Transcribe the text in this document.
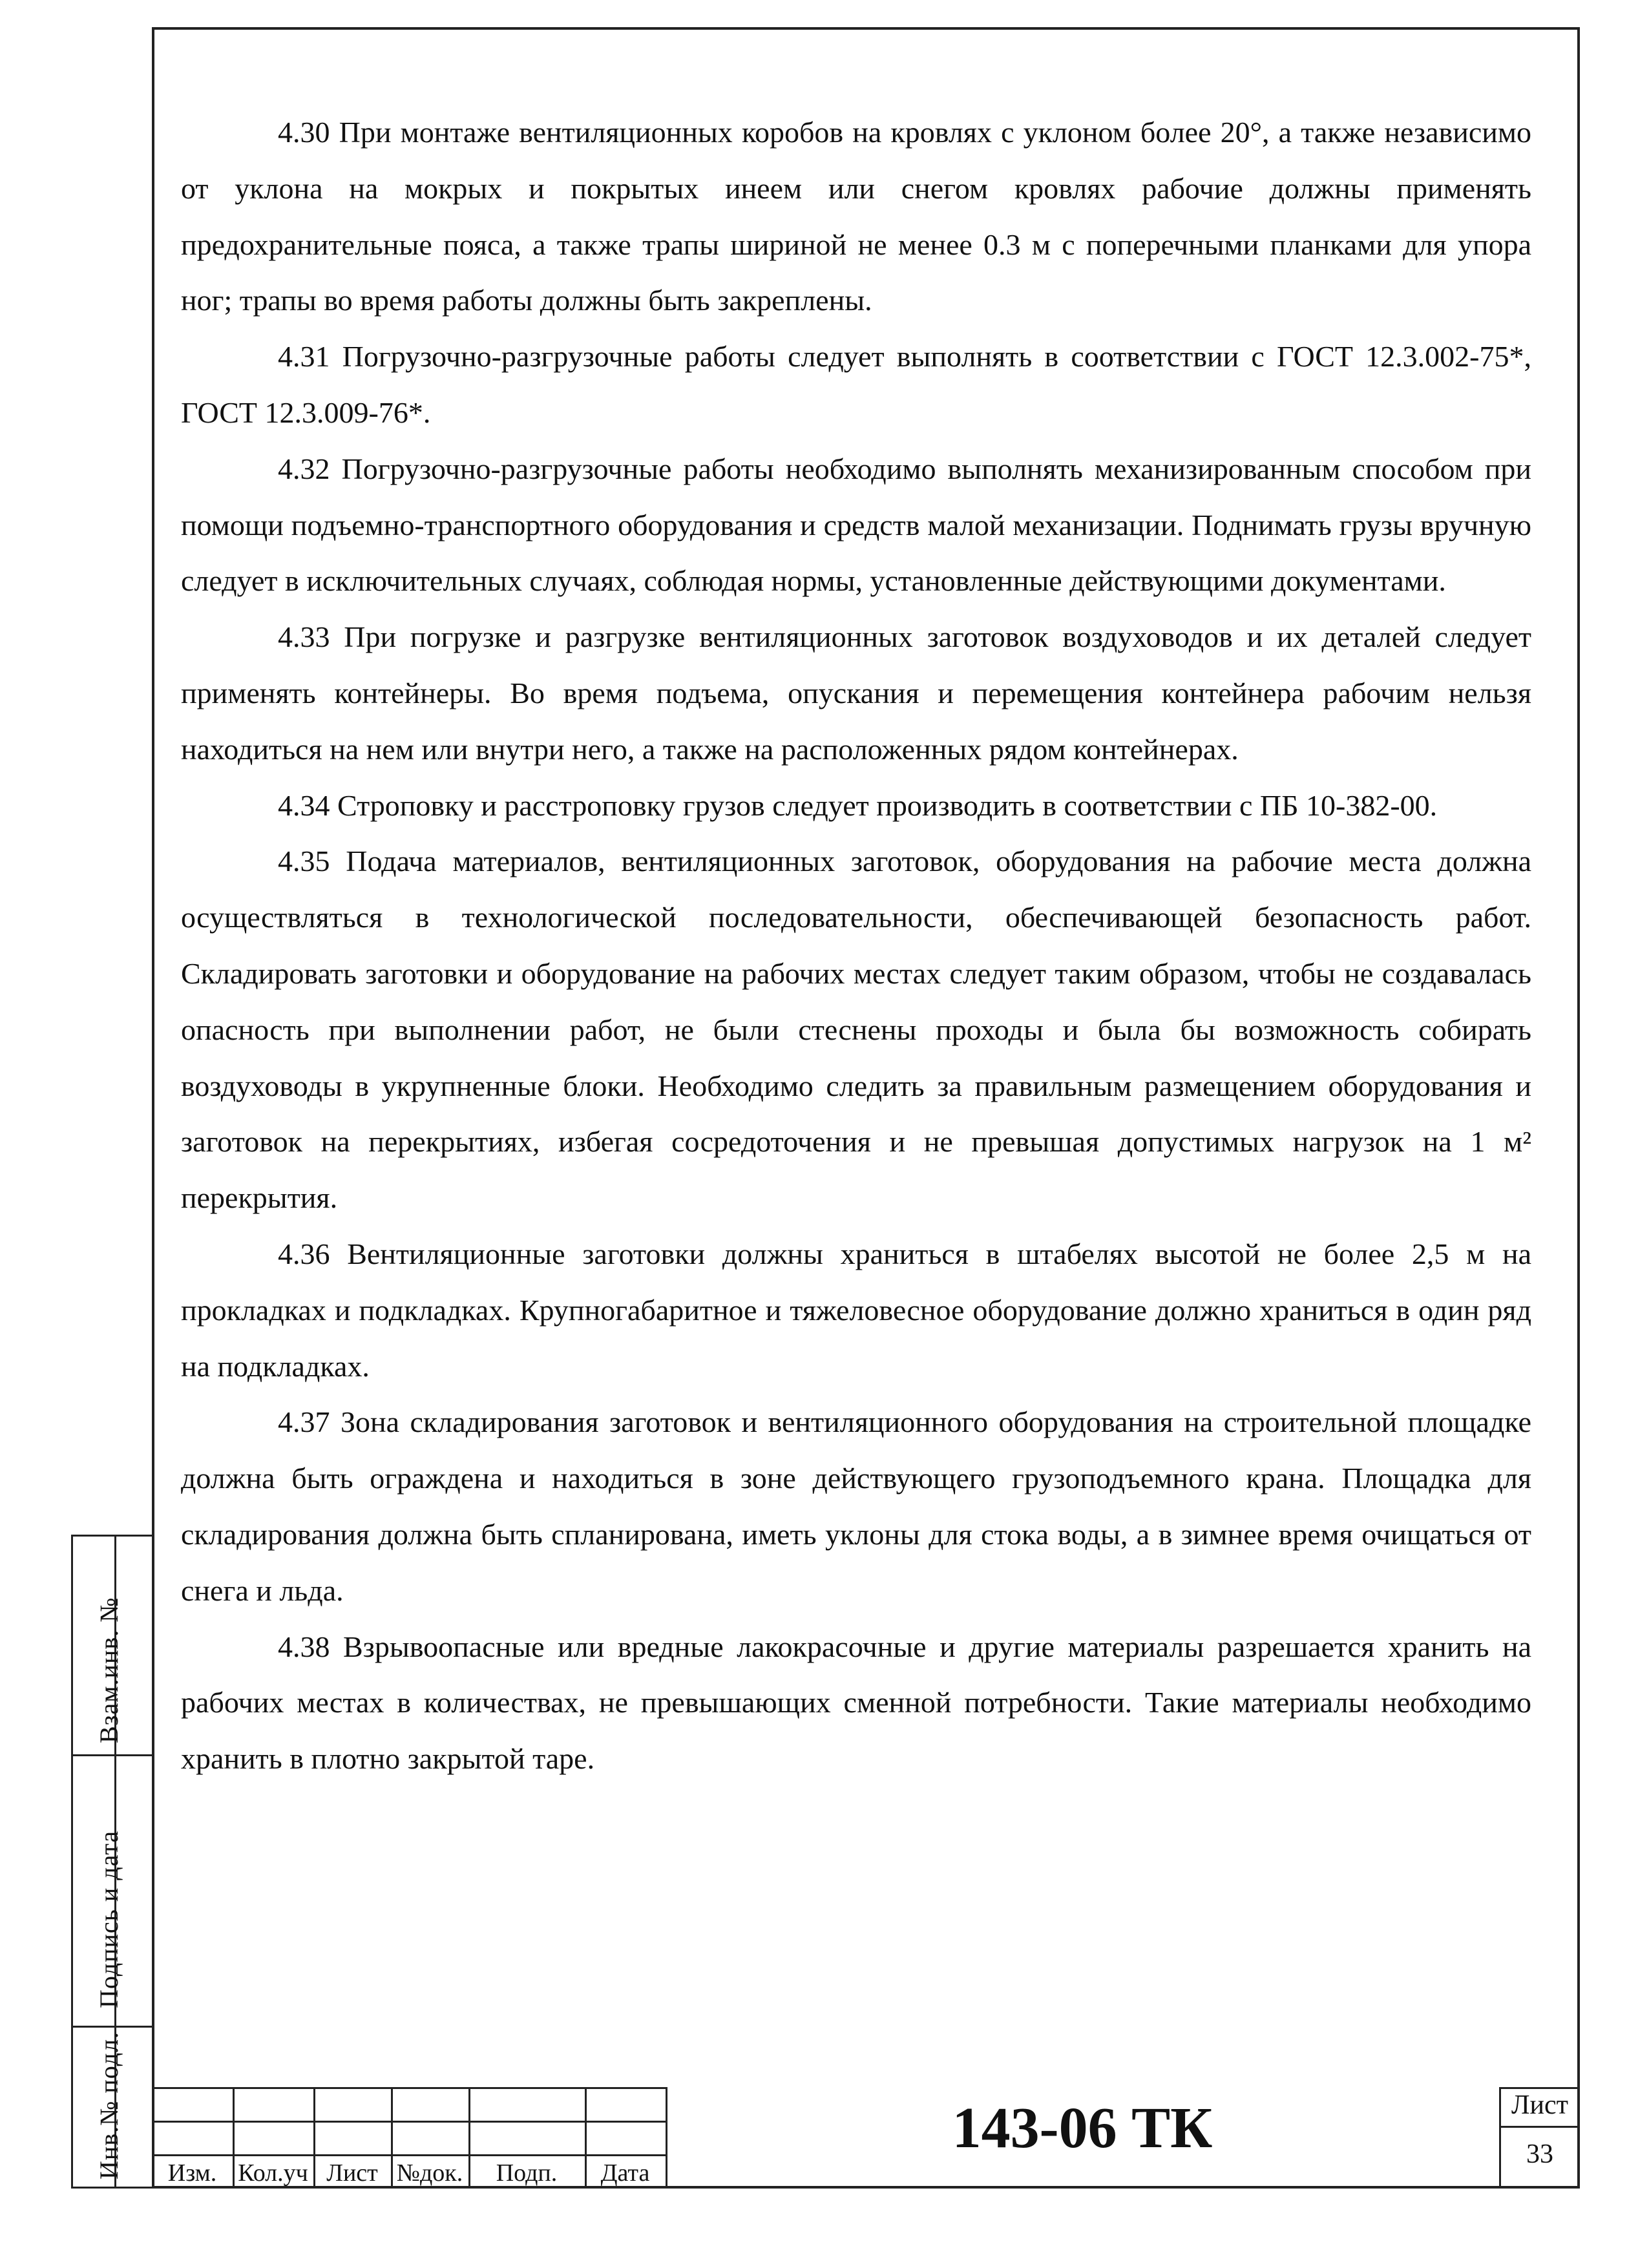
4.30 При монтаже вентиляционных коробов на кровлях с уклоном более 20°, а также независимо от уклона на мокрых и покрытых инеем или снегом кровлях рабочие должны применять предохранительные пояса, а также трапы шириной не менее 0.3 м с поперечными планками для упора ног; трапы во время работы должны быть закреплены.

4.31 Погрузочно-разгрузочные работы следует выполнять в соответствии с ГОСТ 12.3.002-75*, ГОСТ 12.3.009-76*.

4.32 Погрузочно-разгрузочные работы необходимо выполнять механизированным способом при помощи подъемно-транспортного оборудования и средств малой механизации. Поднимать грузы вручную следует в исключительных случаях, соблюдая нормы, установленные действующими документами.

4.33 При погрузке и разгрузке вентиляционных заготовок воздуховодов и их деталей следует применять контейнеры. Во время подъема, опускания и перемещения контейнера рабочим нельзя находиться на нем или внутри него, а также на расположенных рядом контейнерах.

4.34 Строповку и расстроповку грузов следует производить в соответствии с ПБ 10-382-00.

4.35 Подача материалов, вентиляционных заготовок, оборудования на рабочие места должна осуществляться в технологической последовательности, обеспечивающей безопасность работ. Складировать заготовки и оборудование на рабочих местах следует таким образом, чтобы не создавалась опасность при выполнении работ, не были стеснены проходы и была бы возможность собирать воздуховоды в укрупненные блоки. Необходимо следить за правильным размещением оборудования и заготовок на перекрытиях, избегая сосредоточения и не превышая допустимых нагрузок на 1 м² перекрытия.

4.36 Вентиляционные заготовки должны храниться в штабелях высотой не более 2,5 м на прокладках и подкладках. Крупногабаритное и тяжеловесное оборудование должно храниться в один ряд на подкладках.

4.37 Зона складирования заготовок и вентиляционного оборудования на строительной площадке должна быть ограждена и находиться в зоне действующего грузоподъемного крана. Площадка для складирования должна быть спланирована, иметь уклоны для стока воды, а в зимнее время очищаться от снега и льда.

4.38 Взрывоопасные или вредные лакокрасочные и другие материалы разрешается хранить на рабочих местах в количествах, не превышающих сменной потребности. Такие материалы необходимо хранить в плотно закрытой таре.

Взам.инв. №
Подпись и дата
Инв.№ подл.	Изм. Кол.уч Лист №док.	Подп.	Дата
143-06 ТК	Лист
33
